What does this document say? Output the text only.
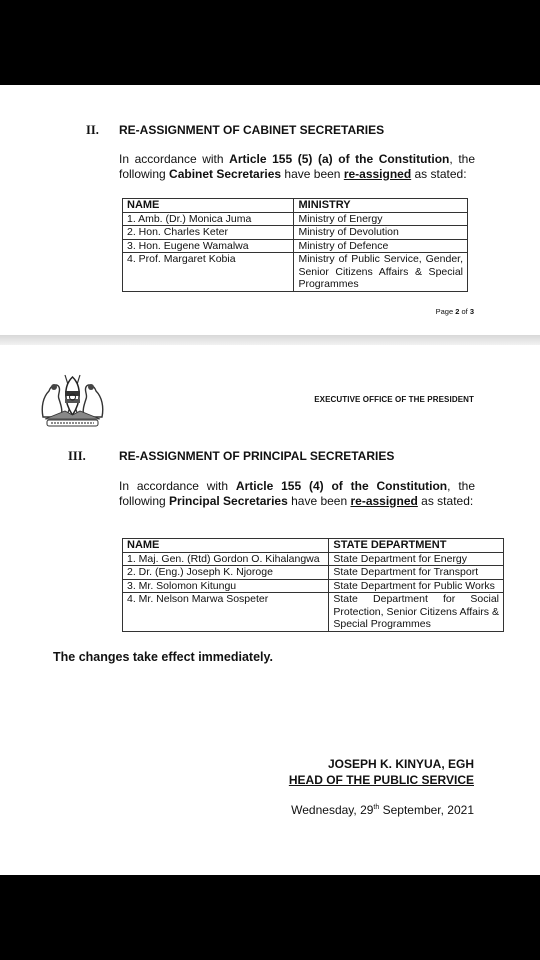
II. RE-ASSIGNMENT OF CABINET SECRETARIES
In accordance with Article 155 (5) (a) of the Constitution, the following Cabinet Secretaries have been re-assigned as stated:
NAME	MINISTRY
1. Amb. (Dr.) Monica Juma	Ministry of Energy
2. Hon. Charles Keter	Ministry of Devolution
3. Hon. Eugene Wamalwa	Ministry of Defence
4. Prof. Margaret Kobia	Ministry of Public Service, Gender, Senior Citizens Affairs & Special Programmes
Page 2 of 3
EXECUTIVE OFFICE OF THE PRESIDENT
III.	RE-ASSIGNMENT OF PRINCIPAL SECRETARIES
In accordance with Article 155 (4) of the Constitution, the following Principal Secretaries have been re-assigned as stated:
NAME	STATE DEPARTMENT
1. Maj. Gen. (Rtd) Gordon O. Kihalangwa	State Department for Energy
2. Dr. (Eng.) Joseph K. Njoroge	State Department for Transport
3. Mr. Solomon Kitungu	State Department for Public Works
4. Mr. Nelson Marwa Sospeter	State Department for Social Protection, Senior Citizens Affairs & Special Programmes
The changes take effect immediately.
JOSEPH K. KINYUA, EGH
HEAD OF THE PUBLIC SERVICE
Wednesday, 29th September, 2021
